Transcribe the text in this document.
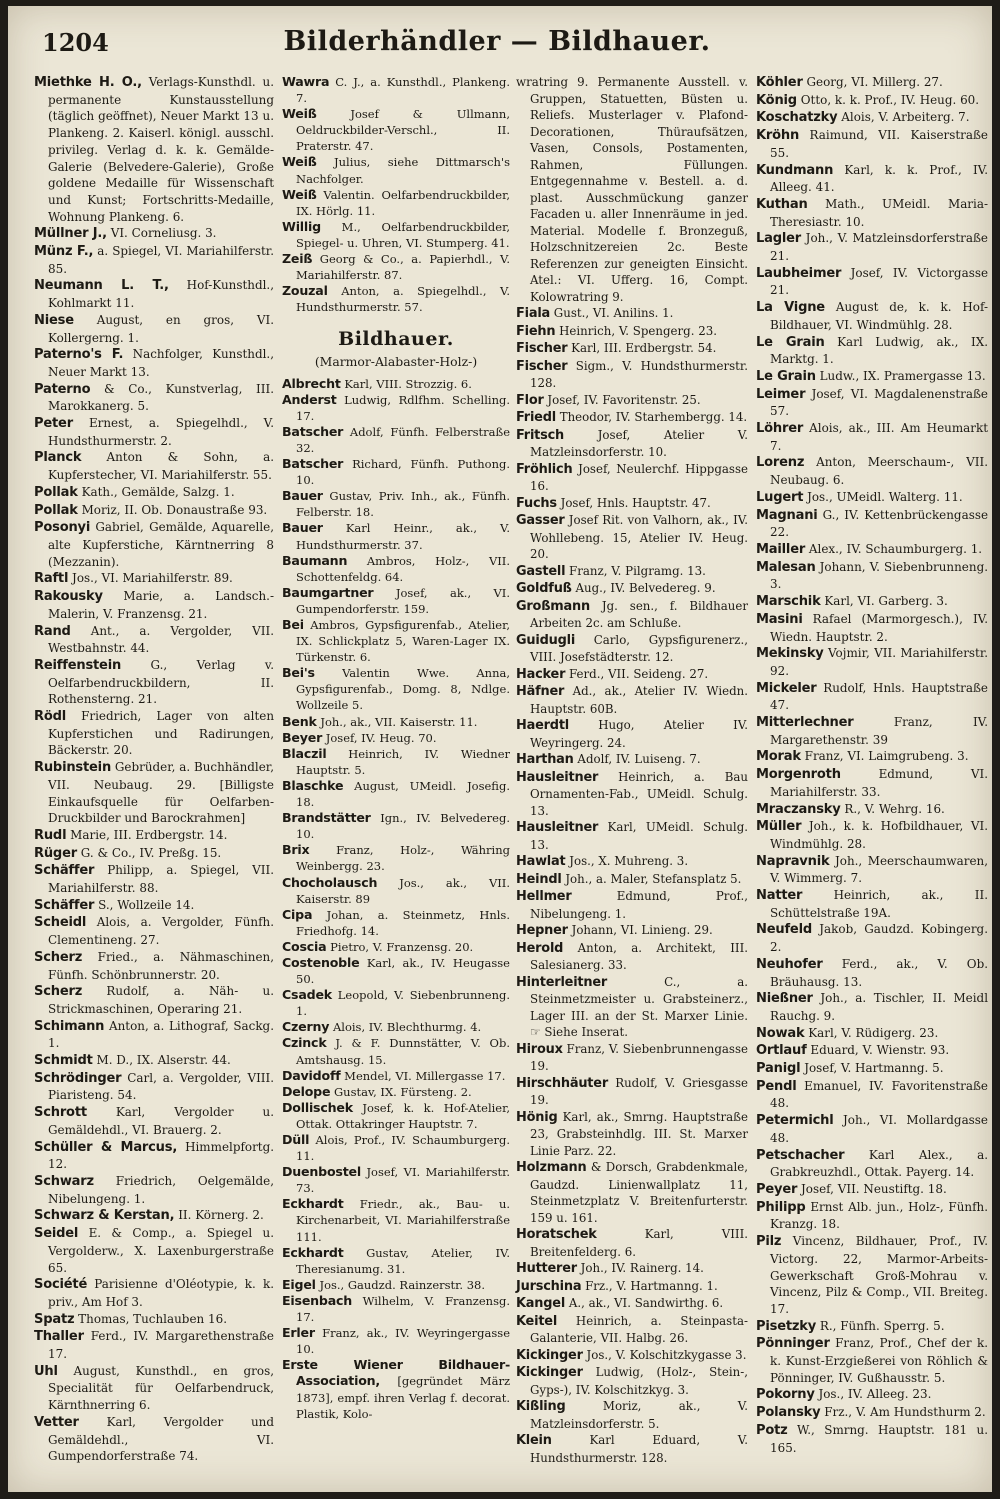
1204	Bilderhändler — Bildhauer.

Miethke H. O., Verlags-Kunsthdl. u. permanente Kunstausstellung (täglich geöffnet), Neuer Markt 13 u. Plankeng. 2. Kaiserl. königl. ausschl. privileg. Verlag d. k. k. Gemälde-Galerie (Belvedere-Galerie), Große goldene Medaille für Wissenschaft und Kunst; Fortschritts-Medaille, Wohnung Plankeng. 6.

Müllner J., VI. Corneliusg. 3.

Münz F., a. Spiegel, VI. Mariahilferstr. 85.

Neumann L. T., Hof-Kunsthdl., Kohlmarkt 11.

Niese August, en gros, VI. Kollergerng. 1.

Paterno's F. Nachfolger, Kunsthdl., Neuer Markt 13.

Paterno & Co., Kunstverlag, III. Marokkanerg. 5.

Peter Ernest, a. Spiegelhdl., V. Hundsthurmerstr. 2.

Planck Anton & Sohn, a. Kupferstecher, VI. Mariahilferstr. 55.

Pollak Kath., Gemälde, Salzg. 1.

Pollak Moriz, II. Ob. Donaustraße 93.

Posonyi Gabriel, Gemälde, Aquarelle, alte Kupferstiche, Kärntnerring 8 (Mezzanin).

Raftl Jos., VI. Mariahilferstr. 89.

Rakousky Marie, a. Landsch.-Malerin, V. Franzensg. 21.

Rand Ant., a. Vergolder, VII. Westbahnstr. 44.

Reiffenstein G., Verlag v. Oelfarbendruckbildern, II. Rothensterng. 21.

Rödl Friedrich, Lager von alten Kupferstichen und Radirungen, Bäckerstr. 20.

Rubinstein Gebrüder, a. Buchhändler, VII. Neubaug. 29. [Billigste Einkaufsquelle für Oelfarben-Druckbilder und Barockrahmen]

Rudl Marie, III. Erdbergstr. 14.

Rüger G. & Co., IV. Preßg. 15.

Schäffer Philipp, a. Spiegel, VII. Mariahilferstr. 88.

Schäffer S., Wollzeile 14.

Scheidl Alois, a. Vergolder, Fünfh. Clementineng. 27.

Scherz Fried., a. Nähmaschinen, Fünfh. Schönbrunnerstr. 20.

Scherz Rudolf, a. Näh- u. Strickmaschinen, Operaring 21.

Schimann Anton, a. Lithograf, Sackg. 1.

Schmidt M. D., IX. Alserstr. 44.

Schrödinger Carl, a. Vergolder, VIII. Piaristeng. 54.

Schrott Karl, Vergolder u. Gemäldehdl., VI. Brauerg. 2.

Schüller & Marcus, Himmelpfortg. 12.

Schwarz Friedrich, Oelgemälde, Nibelungeng. 1.

Schwarz & Kerstan, II. Körnerg. 2.

Seidel E. & Comp., a. Spiegel u. Vergolderw., X. Laxenburgerstraße 65.

Société Parisienne d'Oléotypie, k. k. priv., Am Hof 3.

Spatz Thomas, Tuchlauben 16.

Thaller Ferd., IV. Margarethenstraße 17.

Uhl August, Kunsthdl., en gros, Specialität für Oelfarbendruck, Kärnthnerring 6.

Vetter Karl, Vergolder und Gemäldehdl., VI. Gumpendorferstraße 74.

Wawra C. J., a. Kunsthdl., Plankeng. 7.

Weiß	Josef & Ullmann, Oeldruckbilder-Verschl., II. Praterstr. 47.

Weiß Julius, siehe Dittmarsch's Nachfolger.

Weiß Valentin. Oelfarbendruckbilder, IX. Hörlg. 11.

Willig M., Oelfarbendruckbilder, Spiegel- u. Uhren, VI. Stumperg. 41.

Zeiß Georg & Co., a. Papierhdl., V. Mariahilferstr. 87.

Zouzal Anton, a. Spiegelhdl., V. Hundsthurmerstr. 57.

Bildhauer.
(Marmor-Alabaster-Holz-)

Albrecht Karl, VIII. Strozzig. 6.

Anderst Ludwig, Rdlfhm. Schelling. 17.

Batscher Adolf, Fünfh. Felberstraße 32.

Batscher Richard, Fünfh. Puthong. 10.

Bauer Gustav, Priv. Inh., ak., Fünfh. Felberstr. 18.

Bauer Karl Heinr., ak., V. Hundsthurmerstr. 37.

Baumann Ambros, Holz-, VII. Schottenfeldg. 64.

Baumgartner Josef, ak., VI. Gumpendorferstr. 159.

Bei Ambros, Gypsfigurenfab., Atelier, IX. Schlickplatz 5, Waren-Lager IX. Türkenstr. 6.

Bei's Valentin Wwe. Anna, Gypsfigurenfab., Domg. 8, Ndlge. Wollzeile 5.

Benk Joh., ak., VII. Kaiserstr. 11.

Beyer Josef, IV. Heug. 70.

Blaczil Heinrich, IV. Wiedner Hauptstr. 5.

Blaschke August, UMeidl. Josefig. 18.

Brandstätter Ign., IV. Belvedereg. 10.

Brix Franz, Holz-, Währing Weinbergg. 23.

Chocholausch Jos., ak., VII. Kaiserstr. 89

Cipa Johan, a. Steinmetz, Hnls. Friedhofg. 14.

Coscia Pietro, V. Franzensg. 20.

Costenoble Karl, ak., IV. Heugasse 50.

Csadek Leopold, V. Siebenbrunneng. 1.

Czerny Alois, IV. Blechthurmg. 4.

Czinck J. & F. Dunnstätter, V. Ob. Amtshausg. 15.

Davidoff Mendel, VI. Millergasse 17.

Delope Gustav, IX. Fürsteng. 2.

Dollischek Josef, k. k. Hof-Atelier, Ottak. Ottakringer Hauptstr. 7.

Düll Alois, Prof., IV. Schaumburgerg. 11.

Duenbostel Josef, VI. Mariahilferstr. 73.

Eckhardt Friedr., ak., Bau- u. Kirchenarbeit, VI. Mariahilferstraße 111.

Eckhardt Gustav, Atelier, IV. Theresianumg. 31.

Eigel Jos., Gaudzd. Rainzerstr. 38.

Eisenbach Wilhelm, V. Franzensg. 17.

Erler Franz, ak., IV. Weyringergasse 10.

Erste Wiener Bildhauer-Association, [gegründet März 1873], empf. ihren Verlag f. decorat. Plastik, Kolo-

wratring 9. Permanente Ausstell. v. Gruppen, Statuetten, Büsten u. Reliefs. Musterlager v. Plafond-Decorationen, Thüraufsätzen, Vasen, Consols, Postamenten, Rahmen, Füllungen. Entgegennahme v. Bestell. a. d. plast. Ausschmückung ganzer Facaden u. aller Innenräume in jed. Material. Modelle f. Bronzeguß, Holzschnitzereien 2c. Beste Referenzen zur geneigten Einsicht. Atel.: VI. Ufferg. 16, Compt. Kolowratring 9.

Fiala Gust., VI. Anilins. 1.

Fiehn Heinrich, V. Spengerg. 23.

Fischer Karl, III. Erdbergstr. 54.

Fischer Sigm., V. Hundsthurmerstr. 128.

Flor Josef, IV. Favoritenstr. 25.

Friedl Theodor, IV. Starhembergg. 14.

Fritsch	Josef, Atelier V. Matzleinsdorferstr. 10.

Fröhlich Josef, Neulerchf. Hippgasse 16.

Fuchs Josef, Hnls. Hauptstr. 47.

Gasser Josef Rit. von Valhorn, ak., IV. Wohllebeng. 15, Atelier IV. Heug. 20.

Gastell Franz, V. Pilgramg. 13.

Goldfuß Aug., IV. Belvedereg. 9.

Großmann Jg. sen., f. Bildhauer Arbeiten 2c. am Schluße.

Guidugli Carlo, Gypsfigurenerz., VIII. Josefstädterstr. 12.

Hacker Ferd., VII. Seideng. 27.

Häfner Ad., ak., Atelier IV. Wiedn. Hauptstr. 60B.

Haerdtl Hugo, Atelier IV. Weyringerg. 24.

Harthan Adolf, IV. Luiseng. 7.

Hausleitner Heinrich, a. Bau Ornamenten-Fab., UMeidl. Schulg. 13.

Hausleitner Karl, UMeidl. Schulg. 13.

Hawlat Jos., X. Muhreng. 3.

Heindl Joh., a. Maler, Stefansplatz 5.

Hellmer	Edmund, Prof., Nibelungeng. 1.

Hepner Johann, VI. Linieng. 29.

Herold Anton, a. Architekt, III. Salesianerg. 33.

Hinterleitner	C., a. Steinmetzmeister u. Grabsteinerz., Lager III. an der St. Marxer Linie. ☞ Siehe Inserat.

Hiroux Franz, V. Siebenbrunnengasse 19.

Hirschhäuter Rudolf, V. Griesgasse 19.

Hönig Karl, ak., Smrng. Hauptstraße 23, Grabsteinhdlg. III. St. Marxer Linie Parz. 22.

Holzmann & Dorsch, Grabdenkmale, Gaudzd. Linienwallplatz 11, Steinmetzplatz V. Breitenfurterstr. 159 u. 161.

Horatschek	Karl, VIII. Breitenfelderg. 6.

Hutterer Joh., IV. Rainerg. 14.

Jurschina Frz., V. Hartmanng. 1.

Kangel A., ak., VI. Sandwirthg. 6.

Keitel Heinrich, a. Steinpasta-Galanterie, VII. Halbg. 26.

Kickinger Jos., V. Kolschitzkygasse 3.

Kickinger Ludwig, (Holz-, Stein-, Gyps-), IV. Kolschitzkyg. 3.

Kißling	Moriz, ak., V. Matzleinsdorferstr. 5.

Klein	Karl Eduard, V. Hundsthurmerstr. 128.

Köhler Georg, VI. Millerg. 27.

König Otto, k. k. Prof., IV. Heug. 60.

Koschatzky Alois, V. Arbeiterg. 7.

Kröhn Raimund, VII. Kaiserstraße 55.

Kundmann Karl, k. k. Prof., IV. Alleeg. 41.

Kuthan Math., UMeidl. Maria-Theresiastr. 10.

Lagler Joh., V. Matzleinsdorferstraße 21.

Laubheimer Josef, IV. Victorgasse 21.

La Vigne August de, k. k. Hof-Bildhauer, VI. Windmühlg. 28.

Le Grain Karl Ludwig, ak., IX. Marktg. 1.

Le Grain Ludw., IX. Pramergasse 13.

Leimer Josef, VI. Magdalenenstraße 57.

Löhrer Alois, ak., III. Am Heumarkt 7.

Lorenz Anton, Meerschaum-, VII. Neubaug. 6.

Lugert Jos., UMeidl. Walterg. 11.

Magnani G., IV. Kettenbrückengasse 22.

Mailler Alex., IV. Schaumburgerg. 1.

Malesan Johann, V. Siebenbrunneng. 3.

Marschik Karl, VI. Garberg. 3.

Masini Rafael (Marmorgesch.), IV. Wiedn. Hauptstr. 2.

Mekinsky Vojmir, VII. Mariahilferstr. 92.

Mickeler Rudolf, Hnls. Hauptstraße 47.

Mitterlechner	Franz, IV. Margarethenstr. 39

Morak Franz, VI. Laimgrubeng. 3.

Morgenroth	Edmund, VI. Mariahilferstr. 33.

Mraczansky R., V. Wehrg. 16.

Müller Joh., k. k. Hofbildhauer, VI. Windmühlg. 28.

Napravnik Joh., Meerschaumwaren, V. Wimmerg. 7.

Natter	Heinrich, ak., II. Schüttelstraße 19A.

Neufeld Jakob, Gaudzd. Kobingerg. 2.

Neuhofer Ferd., ak., V. Ob. Bräuhausg. 13.

Nießner Joh., a. Tischler, II. Meidl Rauchg. 9.

Nowak Karl, V. Rüdigerg. 23.

Ortlauf Eduard, V. Wienstr. 93.

Panigl Josef, V. Hartmanng. 5.

Pendl Emanuel, IV. Favoritenstraße 48.

Petermichl Joh., VI. Mollardgasse 48.

Petschacher Karl Alex., a. Grabkreuzhdl., Ottak. Payerg. 14.

Peyer Josef, VII. Neustiftg. 18.

Philipp Ernst Alb. jun., Holz-, Fünfh. Kranzg. 18.

Pilz Vincenz, Bildhauer, Prof., IV. Victorg. 22, Marmor-Arbeits-Gewerkschaft Groß-Mohrau v. Vincenz, Pilz & Comp., VII. Breiteg. 17.

Pisetzky R., Fünfh. Sperrg. 5.

Pönninger Franz, Prof., Chef der k. k. Kunst-Erzgießerei von Röhlich & Pönninger, IV. Gußhausstr. 5.

Pokorny Jos., IV. Alleeg. 23.

Polansky Frz., V. Am Hundsthurm 2.

Potz W., Smrng. Hauptstr. 181 u. 165.
